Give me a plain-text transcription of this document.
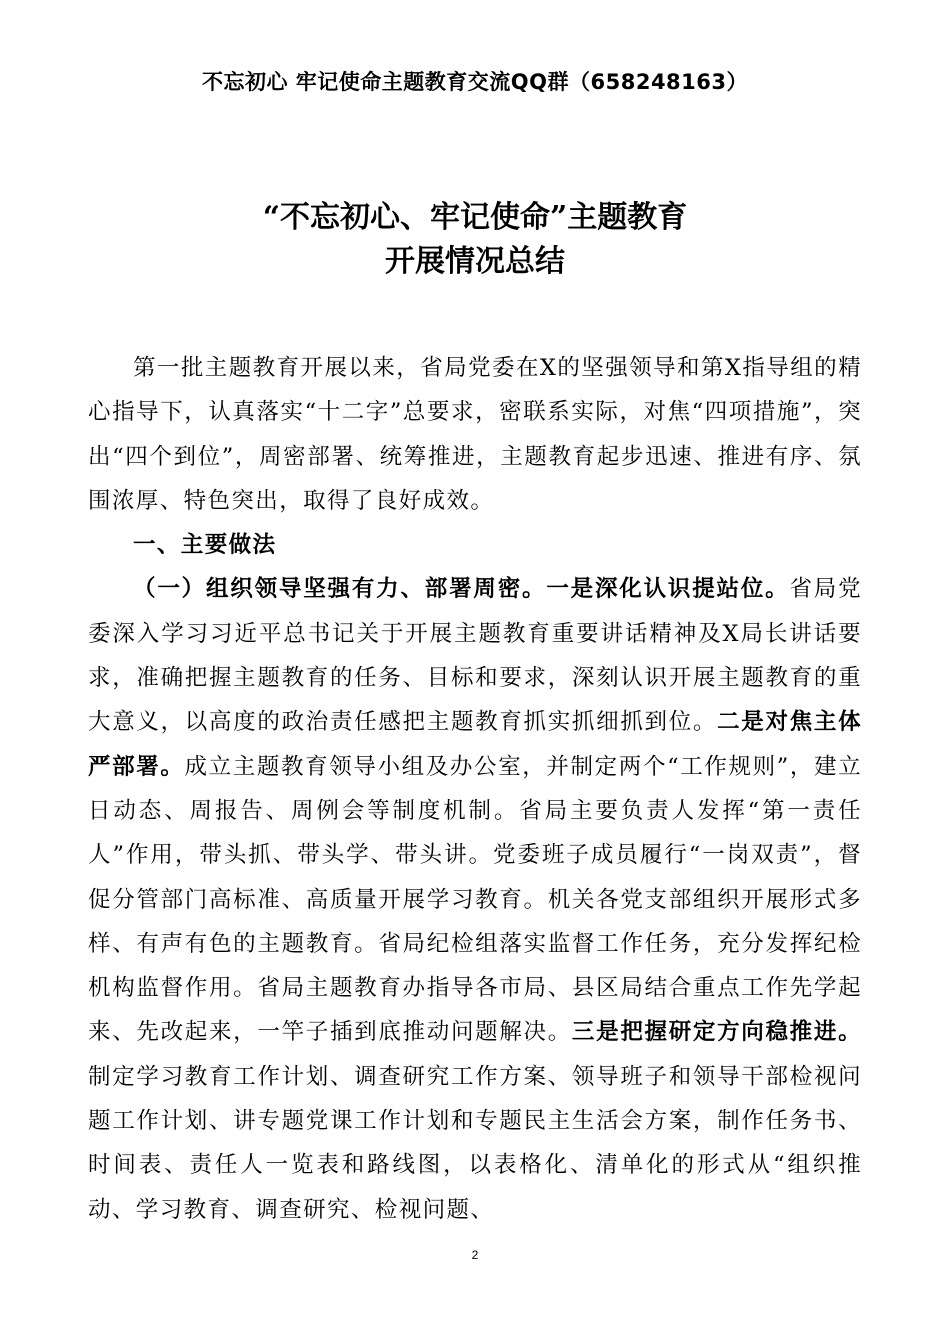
不忘初心 牢记使命主题教育交流QQ群（658248163）
“不忘初心、牢记使命”主题教育
开展情况总结

第一批主题教育开展以来，省局党委在X的坚强领导和第X指导组的精心指导下，认真落实“十二字”总要求，密联系实际，对焦“四项措施”，突出“四个到位”，周密部署、统筹推进，主题教育起步迅速、推进有序、氛围浓厚、特色突出，取得了良好成效。

一、主要做法

（一）组织领导坚强有力、部署周密。一是深化认识提站位。省局党委深入学习习近平总书记关于开展主题教育重要讲话精神及X局长讲话要求，准确把握主题教育的任务、目标和要求，深刻认识开展主题教育的重大意义，以高度的政治责任感把主题教育抓实抓细抓到位。二是对焦主体严部署。成立主题教育领导小组及办公室，并制定两个“工作规则”，建立日动态、周报告、周例会等制度机制。省局主要负责人发挥“第一责任人”作用，带头抓、带头学、带头讲。党委班子成员履行“一岗双责”，督促分管部门高标准、高质量开展学习教育。机关各党支部组织开展形式多样、有声有色的主题教育。省局纪检组落实监督工作任务，充分发挥纪检机构监督作用。省局主题教育办指导各市局、县区局结合重点工作先学起来、先改起来，一竿子插到底推动问题解决。三是把握研定方向稳推进。制定学习教育工作计划、调查研究工作方案、领导班子和领导干部检视问题工作计划、讲专题党课工作计划和专题民主生活会方案，制作任务书、时间表、责任人一览表和路线图，以表格化、清单化的形式从“组织推动、学习教育、调查研究、检视问题、

2
